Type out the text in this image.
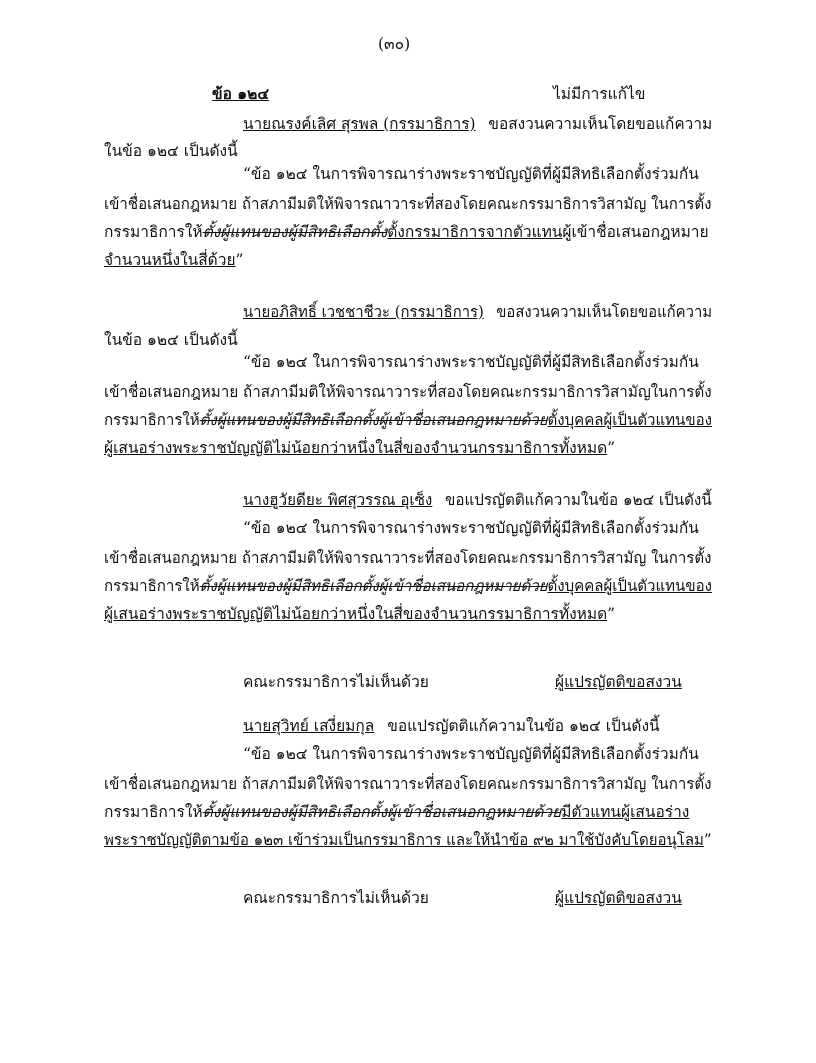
(๓๐)
ข้อ ๑๒๔	ไม่มีการแก้ไข
นายณรงค์เลิศ สุรพล (กรรมาธิการ) ขอสงวนความเห็นโดยขอแก้ความ
ในข้อ ๑๒๔ เป็นดังนี้
“ข้อ ๑๒๔ ในการพิจารณาร่างพระราชบัญญัติที่ผู้มีสิทธิเลือกตั้งร่วมกัน
เข้าชื่อเสนอกฎหมาย ถ้าสภามีมติให้พิจารณาวาระที่สองโดยคณะกรรมาธิการวิสามัญ ในการตั้ง
กรรมาธิการให้ตั้งผู้แทนของผู้มีสิทธิเลือกตั้งตั้งกรรมาธิการจากตัวแทนผู้เข้าชื่อเสนอกฎหมาย
จำนวนหนึ่งในสี่ด้วย”
นายอภิสิทธิ์ เวชชาชีวะ (กรรมาธิการ) ขอสงวนความเห็นโดยขอแก้ความ
ในข้อ ๑๒๔ เป็นดังนี้
“ข้อ ๑๒๔ ในการพิจารณาร่างพระราชบัญญัติที่ผู้มีสิทธิเลือกตั้งร่วมกัน
เข้าชื่อเสนอกฎหมาย ถ้าสภามีมติให้พิจารณาวาระที่สองโดยคณะกรรมาธิการวิสามัญในการตั้ง
กรรมาธิการให้ตั้งผู้แทนของผู้มีสิทธิเลือกตั้งผู้เข้าชื่อเสนอกฎหมายด้วยตั้งบุคคลผู้เป็นตัวแทนของ
ผู้เสนอร่างพระราชบัญญัติไม่น้อยกว่าหนึ่งในสี่ของจำนวนกรรมาธิการทั้งหมด”
นางฮูวัยดียะ พิศสุวรรณ อุเซ็ง ขอแปรญัตติแก้ความในข้อ ๑๒๔ เป็นดังนี้
“ข้อ ๑๒๔ ในการพิจารณาร่างพระราชบัญญัติที่ผู้มีสิทธิเลือกตั้งร่วมกัน
เข้าชื่อเสนอกฎหมาย ถ้าสภามีมติให้พิจารณาวาระที่สองโดยคณะกรรมาธิการวิสามัญ ในการตั้ง
กรรมาธิการให้ตั้งผู้แทนของผู้มีสิทธิเลือกตั้งผู้เข้าชื่อเสนอกฎหมายด้วยตั้งบุคคลผู้เป็นตัวแทนของ
ผู้เสนอร่างพระราชบัญญัติไม่น้อยกว่าหนึ่งในสี่ของจำนวนกรรมาธิการทั้งหมด”
คณะกรรมาธิการไม่เห็นด้วย	ผู้แปรญัตติขอสงวน
นายสุวิทย์ เสงี่ยมกุล ขอแปรญัตติแก้ความในข้อ ๑๒๔ เป็นดังนี้
“ข้อ ๑๒๔ ในการพิจารณาร่างพระราชบัญญัติที่ผู้มีสิทธิเลือกตั้งร่วมกัน
เข้าชื่อเสนอกฎหมาย ถ้าสภามีมติให้พิจารณาวาระที่สองโดยคณะกรรมาธิการวิสามัญ ในการตั้ง
กรรมาธิการให้ตั้งผู้แทนของผู้มีสิทธิเลือกตั้งผู้เข้าชื่อเสนอกฎหมายด้วยมีตัวแทนผู้เสนอร่าง
พระราชบัญญัติตามข้อ ๑๒๓ เข้าร่วมเป็นกรรมาธิการ และให้นำข้อ ๙๒ มาใช้บังคับโดยอนุโลม”
คณะกรรมาธิการไม่เห็นด้วย	ผู้แปรญัตติขอสงวน
